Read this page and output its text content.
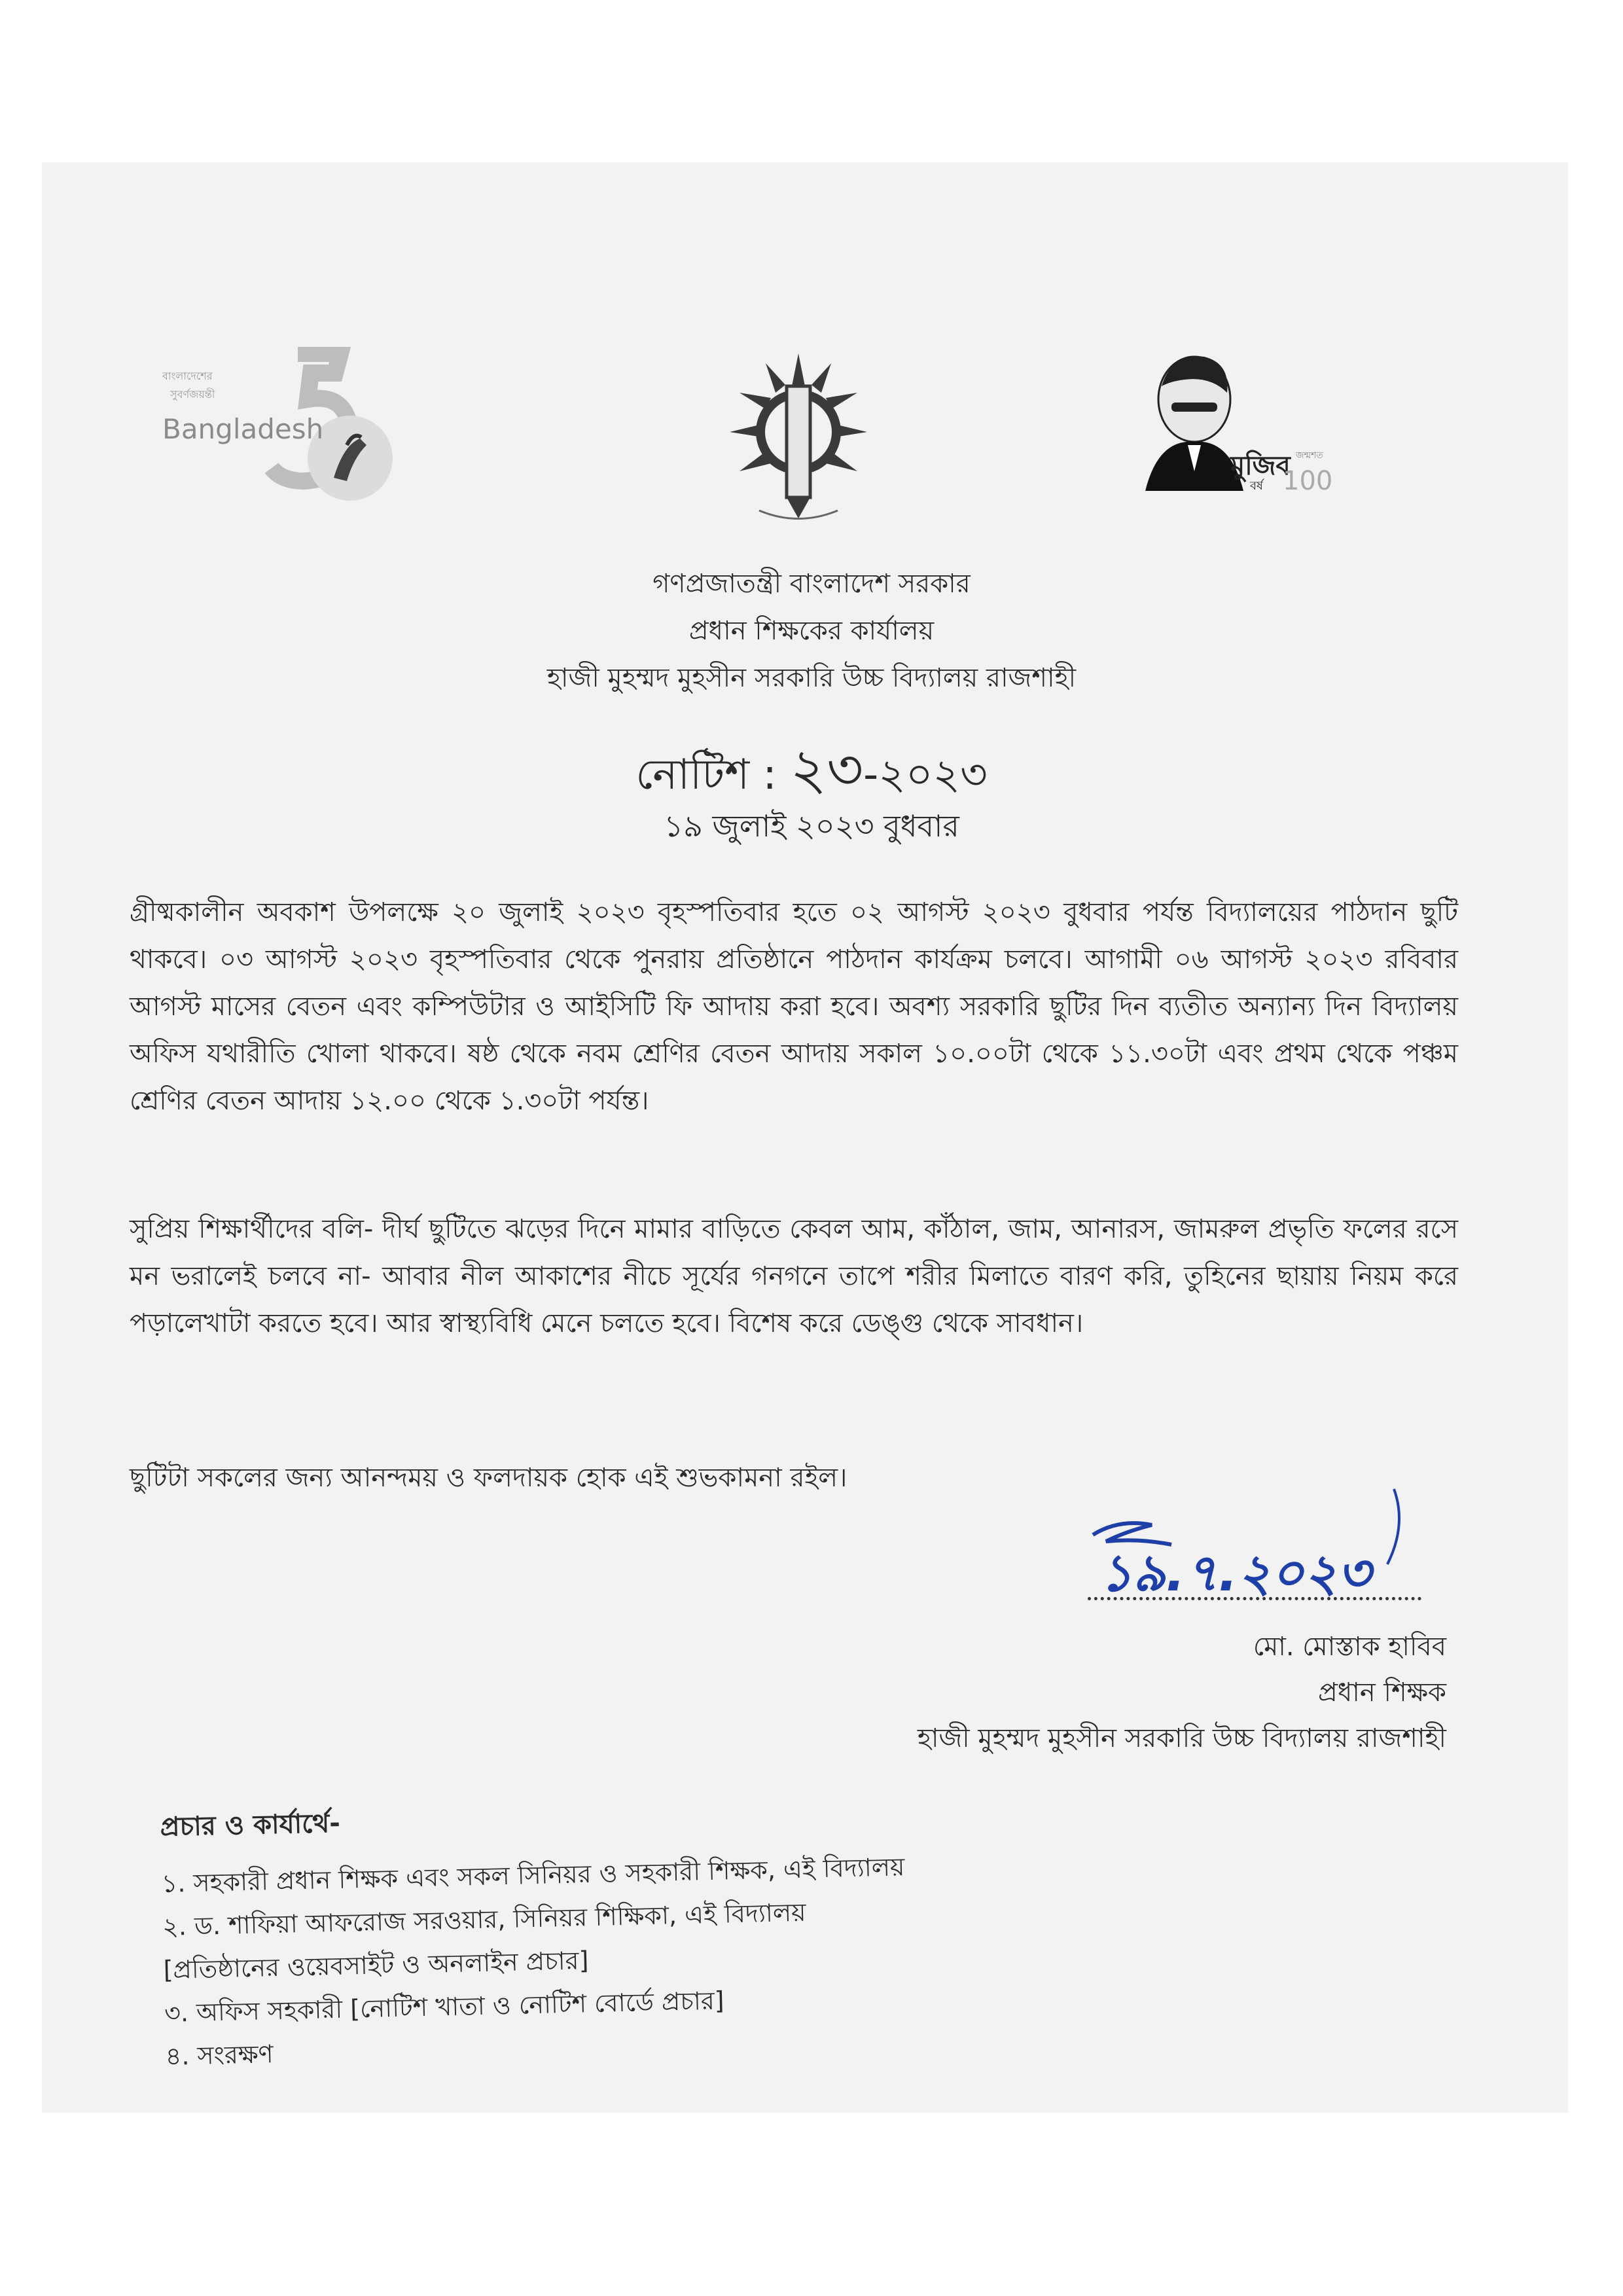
বাংলাদেশের
সুবর্ণজয়ন্তী
Bangladesh
মুজিব জন্মশত
বর্ষ 100
গণপ্রজাতন্ত্রী বাংলাদেশ সরকার
প্রধান শিক্ষকের কার্যালয়
হাজী মুহম্মদ মুহসীন সরকারি উচ্চ বিদ্যালয় রাজশাহী
নোটিশ : ২৩-২০২৩
১৯ জুলাই ২০২৩ বুধবার

গ্রীষ্মকালীন অবকাশ উপলক্ষে ২০ জুলাই ২০২৩ বৃহস্পতিবার হতে ০২ আগস্ট ২০২৩ বুধবার পর্যন্ত বিদ্যালয়ের পাঠদান ছুটি থাকবে। ০৩ আগস্ট ২০২৩ বৃহস্পতিবার থেকে পুনরায় প্রতিষ্ঠানে পাঠদান কার্যক্রম চলবে। আগামী ০৬ আগস্ট ২০২৩ রবিবার আগস্ট মাসের বেতন এবং কম্পিউটার ও আইসিটি ফি আদায় করা হবে। অবশ্য সরকারি ছুটির দিন ব্যতীত অন্যান্য দিন বিদ্যালয় অফিস যথারীতি খোলা থাকবে। ষষ্ঠ থেকে নবম শ্রেণির বেতন আদায় সকাল ১০.০০টা থেকে ১১.৩০টা এবং প্রথম থেকে পঞ্চম শ্রেণির বেতন আদায় ১২.০০ থেকে ১.৩০টা পর্যন্ত।

সুপ্রিয় শিক্ষার্থীদের বলি- দীর্ঘ ছুটিতে ঝড়ের দিনে মামার বাড়িতে কেবল আম, কাঁঠাল, জাম, আনারস, জামরুল প্রভৃতি ফলের রসে মন ভরালেই চলবে না- আবার নীল আকাশের নীচে সূর্যের গনগনে তাপে শরীর মিলাতে বারণ করি, তুহিনের ছায়ায় নিয়ম করে পড়ালেখাটা করতে হবে। আর স্বাস্থ্যবিধি মেনে চলতে হবে। বিশেষ করে ডেঙ্গু থেকে সাবধান।

ছুটিটা সকলের জন্য আনন্দময় ও ফলদায়ক হোক এই শুভকামনা রইল।

১৯.৭.২০২৩
মো. মোস্তাক হাবিব
প্রধান শিক্ষক
হাজী মুহম্মদ মুহসীন সরকারি উচ্চ বিদ্যালয় রাজশাহী
প্রচার ও কার্যার্থে-
১. সহকারী প্রধান শিক্ষক এবং সকল সিনিয়র ও সহকারী শিক্ষক, এই বিদ্যালয়
২. ড. শাফিয়া আফরোজ সরওয়ার, সিনিয়র শিক্ষিকা, এই বিদ্যালয়
[প্রতিষ্ঠানের ওয়েবসাইট ও অনলাইন প্রচার]
৩. অফিস সহকারী [নোটিশ খাতা ও নোটিশ বোর্ডে প্রচার]
৪. সংরক্ষণ
